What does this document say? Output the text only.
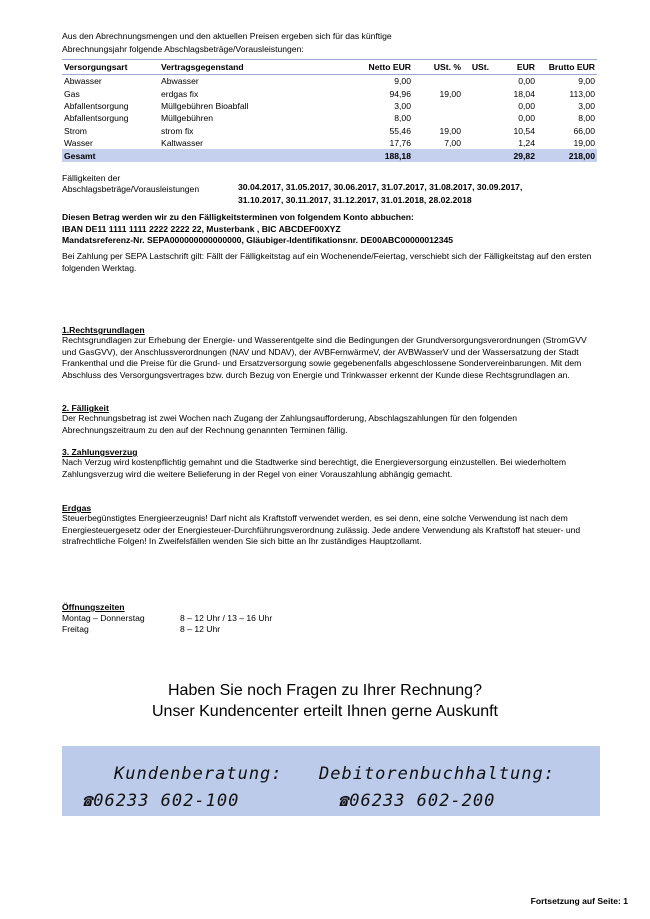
Aus den Abrechnungsmengen und den aktuellen Preisen ergeben sich für das künftige
Abrechnungsjahr folgende Abschlagsbeträge/Vorausleistungen:
Versorgungsart	Vertragsgegenstand	Netto EUR	USt. %	USt.	EUR	Brutto EUR
Abwasser	Abwasser	9,00			0,00	9,00
Gas	erdgas fix	94,96	19,00		18,04	113,00
Abfallentsorgung	Müllgebühren Bioabfall	3,00			0,00	3,00
Abfallentsorgung	Müllgebühren	8,00			0,00	8,00
Strom	strom fix	55,46	19,00		10,54	66,00
Wasser	Kaltwasser	17,76	7,00		1,24	19,00
Gesamt		188,18			29,82	218,00
Fälligkeiten der
Abschlagsbeträge/Vorausleistungen	30.04.2017, 31.05.2017, 30.06.2017, 31.07.2017, 31.08.2017, 30.09.2017,
31.10.2017, 30.11.2017, 31.12.2017, 31.01.2018, 28.02.2018
Diesen Betrag werden wir zu den Fälligkeitsterminen von folgendem Konto abbuchen:
IBAN DE11 1111 1111 2222 2222 22, Musterbank , BIC ABCDEF00XYZ
Mandatsreferenz-Nr. SEPA000000000000000, Gläubiger-Identifikationsnr. DE00ABC00000012345
Bei Zahlung per SEPA Lastschrift gilt: Fällt der Fälligkeitstag auf ein Wochenende/Feiertag, verschiebt sich der Fälligkeitstag auf den ersten folgenden Werktag.
1.Rechtsgrundlagen
Rechtsgrundlagen zur Erhebung der Energie- und Wasserentgelte sind die Bedingungen der Grundversorgungsverordnungen (StromGVV und GasGVV), der Anschlussverordnungen (NAV und NDAV), der AVBFernwärmeV, der AVBWasserV und der Wassersatzung der Stadt Frankenthal und die Preise für die Grund- und Ersatzversorgung sowie gegebenenfalls abgeschlossene Sondervereinbarungen. Mit dem Abschluss des Versorgungsvertrages bzw. durch Bezug von Energie und Trinkwasser erkennt der Kunde diese Rechtsgrundlagen an.
2. Fälligkeit
Der Rechnungsbetrag ist zwei Wochen nach Zugang der Zahlungsaufforderung, Abschlagszahlungen für den folgenden Abrechnungszeitraum zu den auf der Rechnung genannten Terminen fällig.
3. Zahlungsverzug
Nach Verzug wird kostenpflichtig gemahnt und die Stadtwerke sind berechtigt, die Energieversorgung einzustellen. Bei wiederholtem Zahlungsverzug wird die weitere Belieferung in der Regel von einer Vorauszahlung abhängig gemacht.
Erdgas
Steuerbegünstigtes Energieerzeugnis! Darf nicht als Kraftstoff verwendet werden, es sei denn, eine solche Verwendung ist nach dem Energiesteuergesetz oder der Energiesteuer-Durchführungsverordnung zulässig. Jede andere Verwendung als Kraftstoff hat steuer- und strafrechtliche Folgen! In Zweifelsfällen wenden Sie sich bitte an Ihr zuständiges Hauptzollamt.
Öffnungszeiten
Montag – Donnerstag	8 – 12 Uhr / 13 – 16 Uhr
Freitag	8 – 12 Uhr
Haben Sie noch Fragen zu Ihrer Rechnung?
Unser Kundencenter erteilt Ihnen gerne Auskunft
Kundenberatung: Debitorenbuchhaltung:
☎06233 602-100	☎06233 602-200
Fortsetzung auf Seite: 1
